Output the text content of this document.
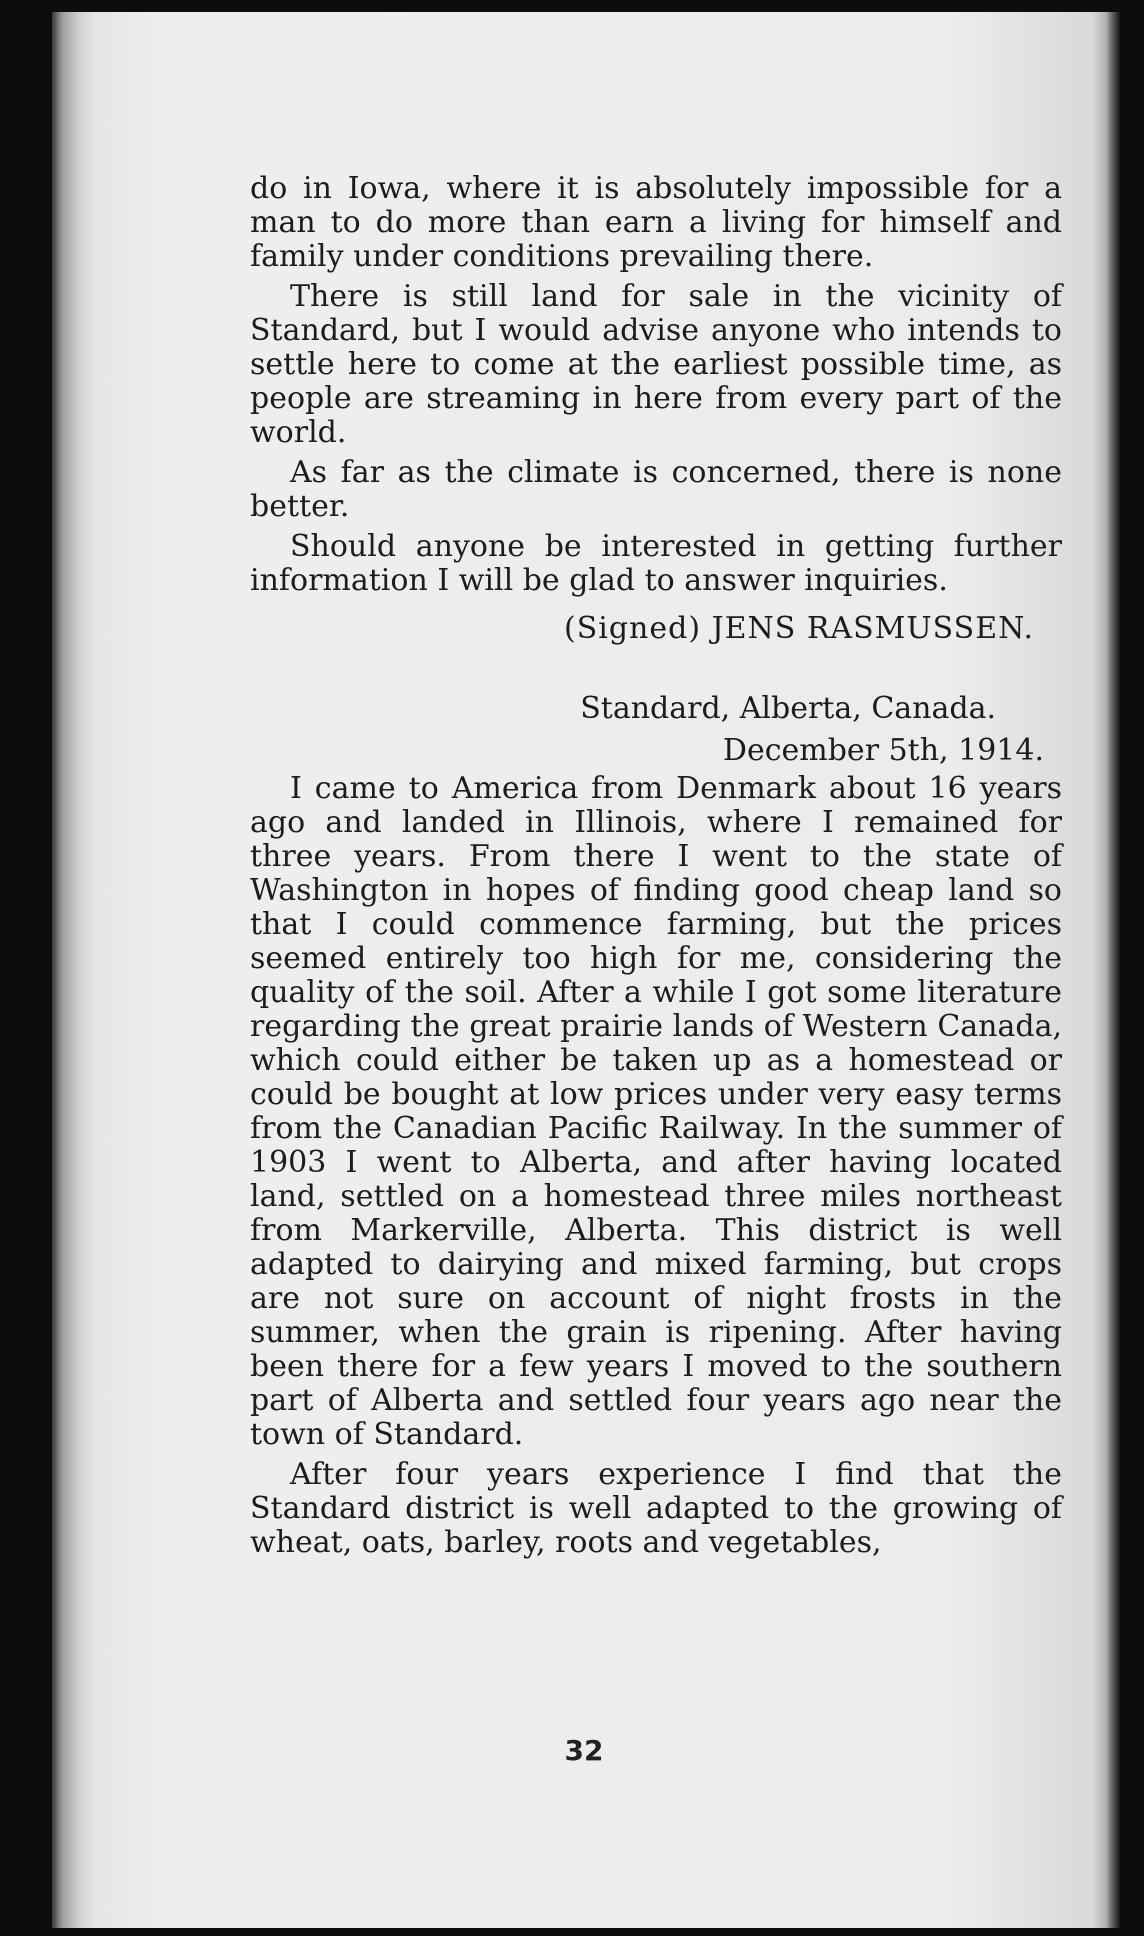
do in Iowa, where it is absolutely impossible for a man to do more than earn a living for himself and family under conditions prevailing there.

There is still land for sale in the vicinity of Standard, but I would advise anyone who intends to settle here to come at the earliest possible time, as people are streaming in here from every part of the world.

As far as the climate is concerned, there is none better.

Should anyone be interested in getting further information I will be glad to answer inquiries.

(Signed) JENS RASMUSSEN.
Standard, Alberta, Canada.
December 5th, 1914.

I came to America from Denmark about 16 years ago and landed in Illinois, where I remained for three years. From there I went to the state of Washington in hopes of finding good cheap land so that I could commence farming, but the prices seemed entirely too high for me, considering the quality of the soil. After a while I got some literature regarding the great prairie lands of Western Canada, which could either be taken up as a homestead or could be bought at low prices under very easy terms from the Canadian Pacific Railway. In the summer of 1903 I went to Alberta, and after having located land, settled on a homestead three miles northeast from Markerville, Alberta. This district is well adapted to dairying and mixed farming, but crops are not sure on account of night frosts in the summer, when the grain is ripening. After having been there for a few years I moved to the southern part of Alberta and settled four years ago near the town of Standard.

After four years experience I find that the Standard district is well adapted to the growing of wheat, oats, barley, roots and vegetables,

32
